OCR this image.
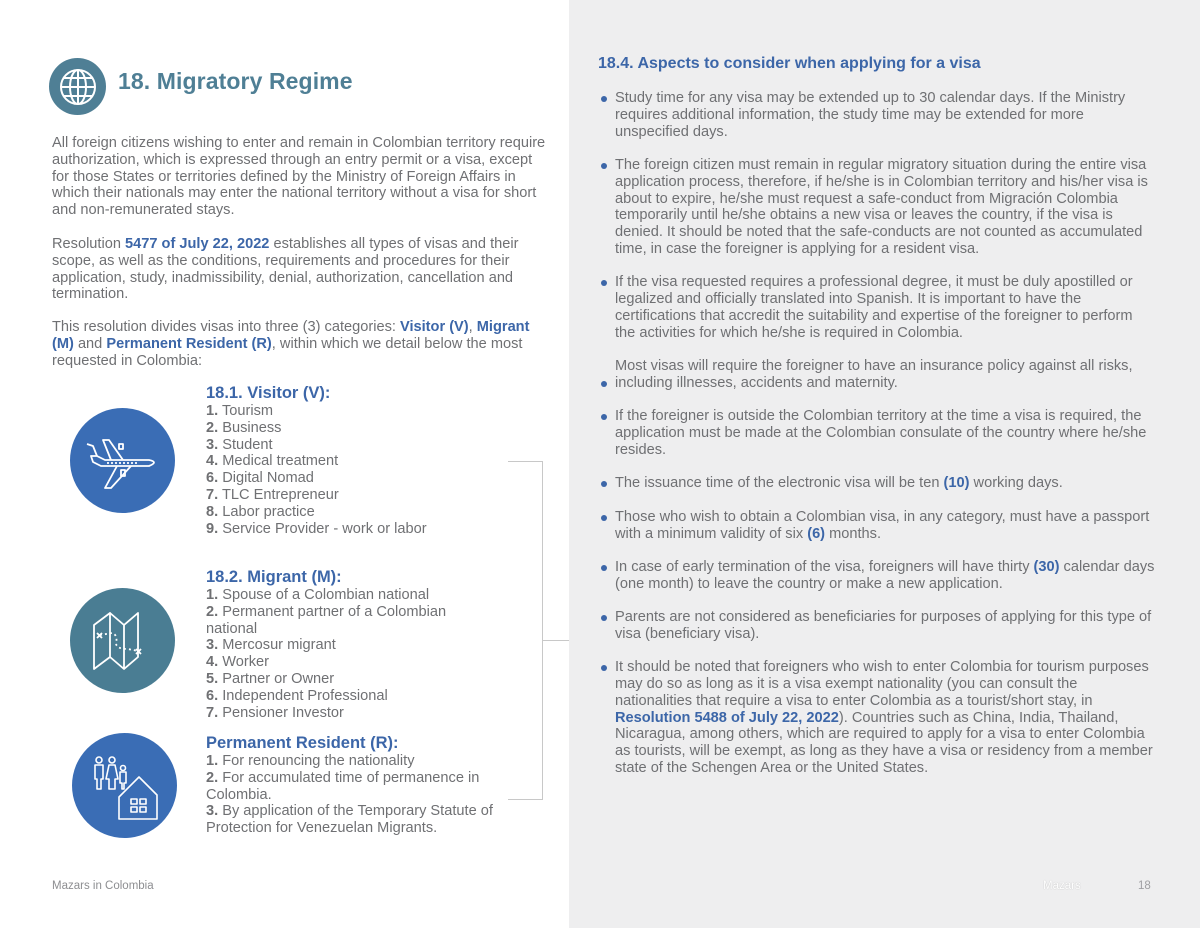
18. Migratory Regime

All foreign citizens wishing to enter and remain in Colombian territory require authorization, which is expressed through an entry permit or a visa, except for those States or territories defined by the Ministry of Foreign Affairs in which their nationals may enter the national territory without a visa for short and non-remunerated stays.

Resolution 5477 of July 22, 2022 establishes all types of visas and their scope, as well as the conditions, requirements and procedures for their application, study, inadmissibility, denial, authorization, cancellation and termination.

This resolution divides visas into three (3) categories: Visitor (V), Migrant (M) and Permanent Resident (R), within which we detail below the most requested in Colombia:

18.1. Visitor (V):
1. Tourism
2. Business
3. Student
4. Medical treatment
6. Digital Nomad
7. TLC Entrepreneur
8. Labor practice
9. Service Provider - work or labor
18.2. Migrant (M):
1. Spouse of a Colombian national
2. Permanent partner of a Colombian national
3. Mercosur migrant
4. Worker
5. Partner or Owner
6. Independent Professional
7. Pensioner Investor
Permanent Resident (R):
1. For renouncing the nationality
2. For accumulated time of permanence in Colombia.
3. By application of the Temporary Statute of Protection for Venezuelan Migrants.
18.4. Aspects to consider when applying for a visa
Study time for any visa may be extended up to 30 calendar days. If the Ministry requires additional information, the study time may be extended for more unspecified days.
The foreign citizen must remain in regular migratory situation during the entire visa application process, therefore, if he/she is in Colombian territory and his/her visa is about to expire, he/she must request a safe-conduct from Migración Colombia temporarily until he/she obtains a new visa or leaves the country, if the visa is denied. It should be noted that the safe-conducts are not counted as accumulated time, in case the foreigner is applying for a resident visa.
If the visa requested requires a professional degree, it must be duly apostilled or legalized and officially translated into Spanish. It is important to have the certifications that accredit the suitability and expertise of the foreigner to perform the activities for which he/she is required in Colombia.
Most visas will require the foreigner to have an insurance policy against all risks, including illnesses, accidents and maternity.
If the foreigner is outside the Colombian territory at the time a visa is required, the application must be made at the Colombian consulate of the country where he/she resides.
The issuance time of the electronic visa will be ten (10) working days.
Those who wish to obtain a Colombian visa, in any category, must have a passport with a minimum validity of six (6) months.
In case of early termination of the visa, foreigners will have thirty (30) calendar days (one month) to leave the country or make a new application.
Parents are not considered as beneficiaries for purposes of applying for this type of visa (beneficiary visa).
It should be noted that foreigners who wish to enter Colombia for tourism purposes may do so as long as it is a visa exempt nationality (you can consult the nationalities that require a visa to enter Colombia as a tourist/short stay, in Resolution 5488 of July 22, 2022). Countries such as China, India, Thailand, Nicaragua, among others, which are required to apply for a visa to enter Colombia as tourists, will be exempt, as long as they have a visa or residency from a member state of the Schengen Area or the United States.
Mazars in Colombia	Mazars	18
